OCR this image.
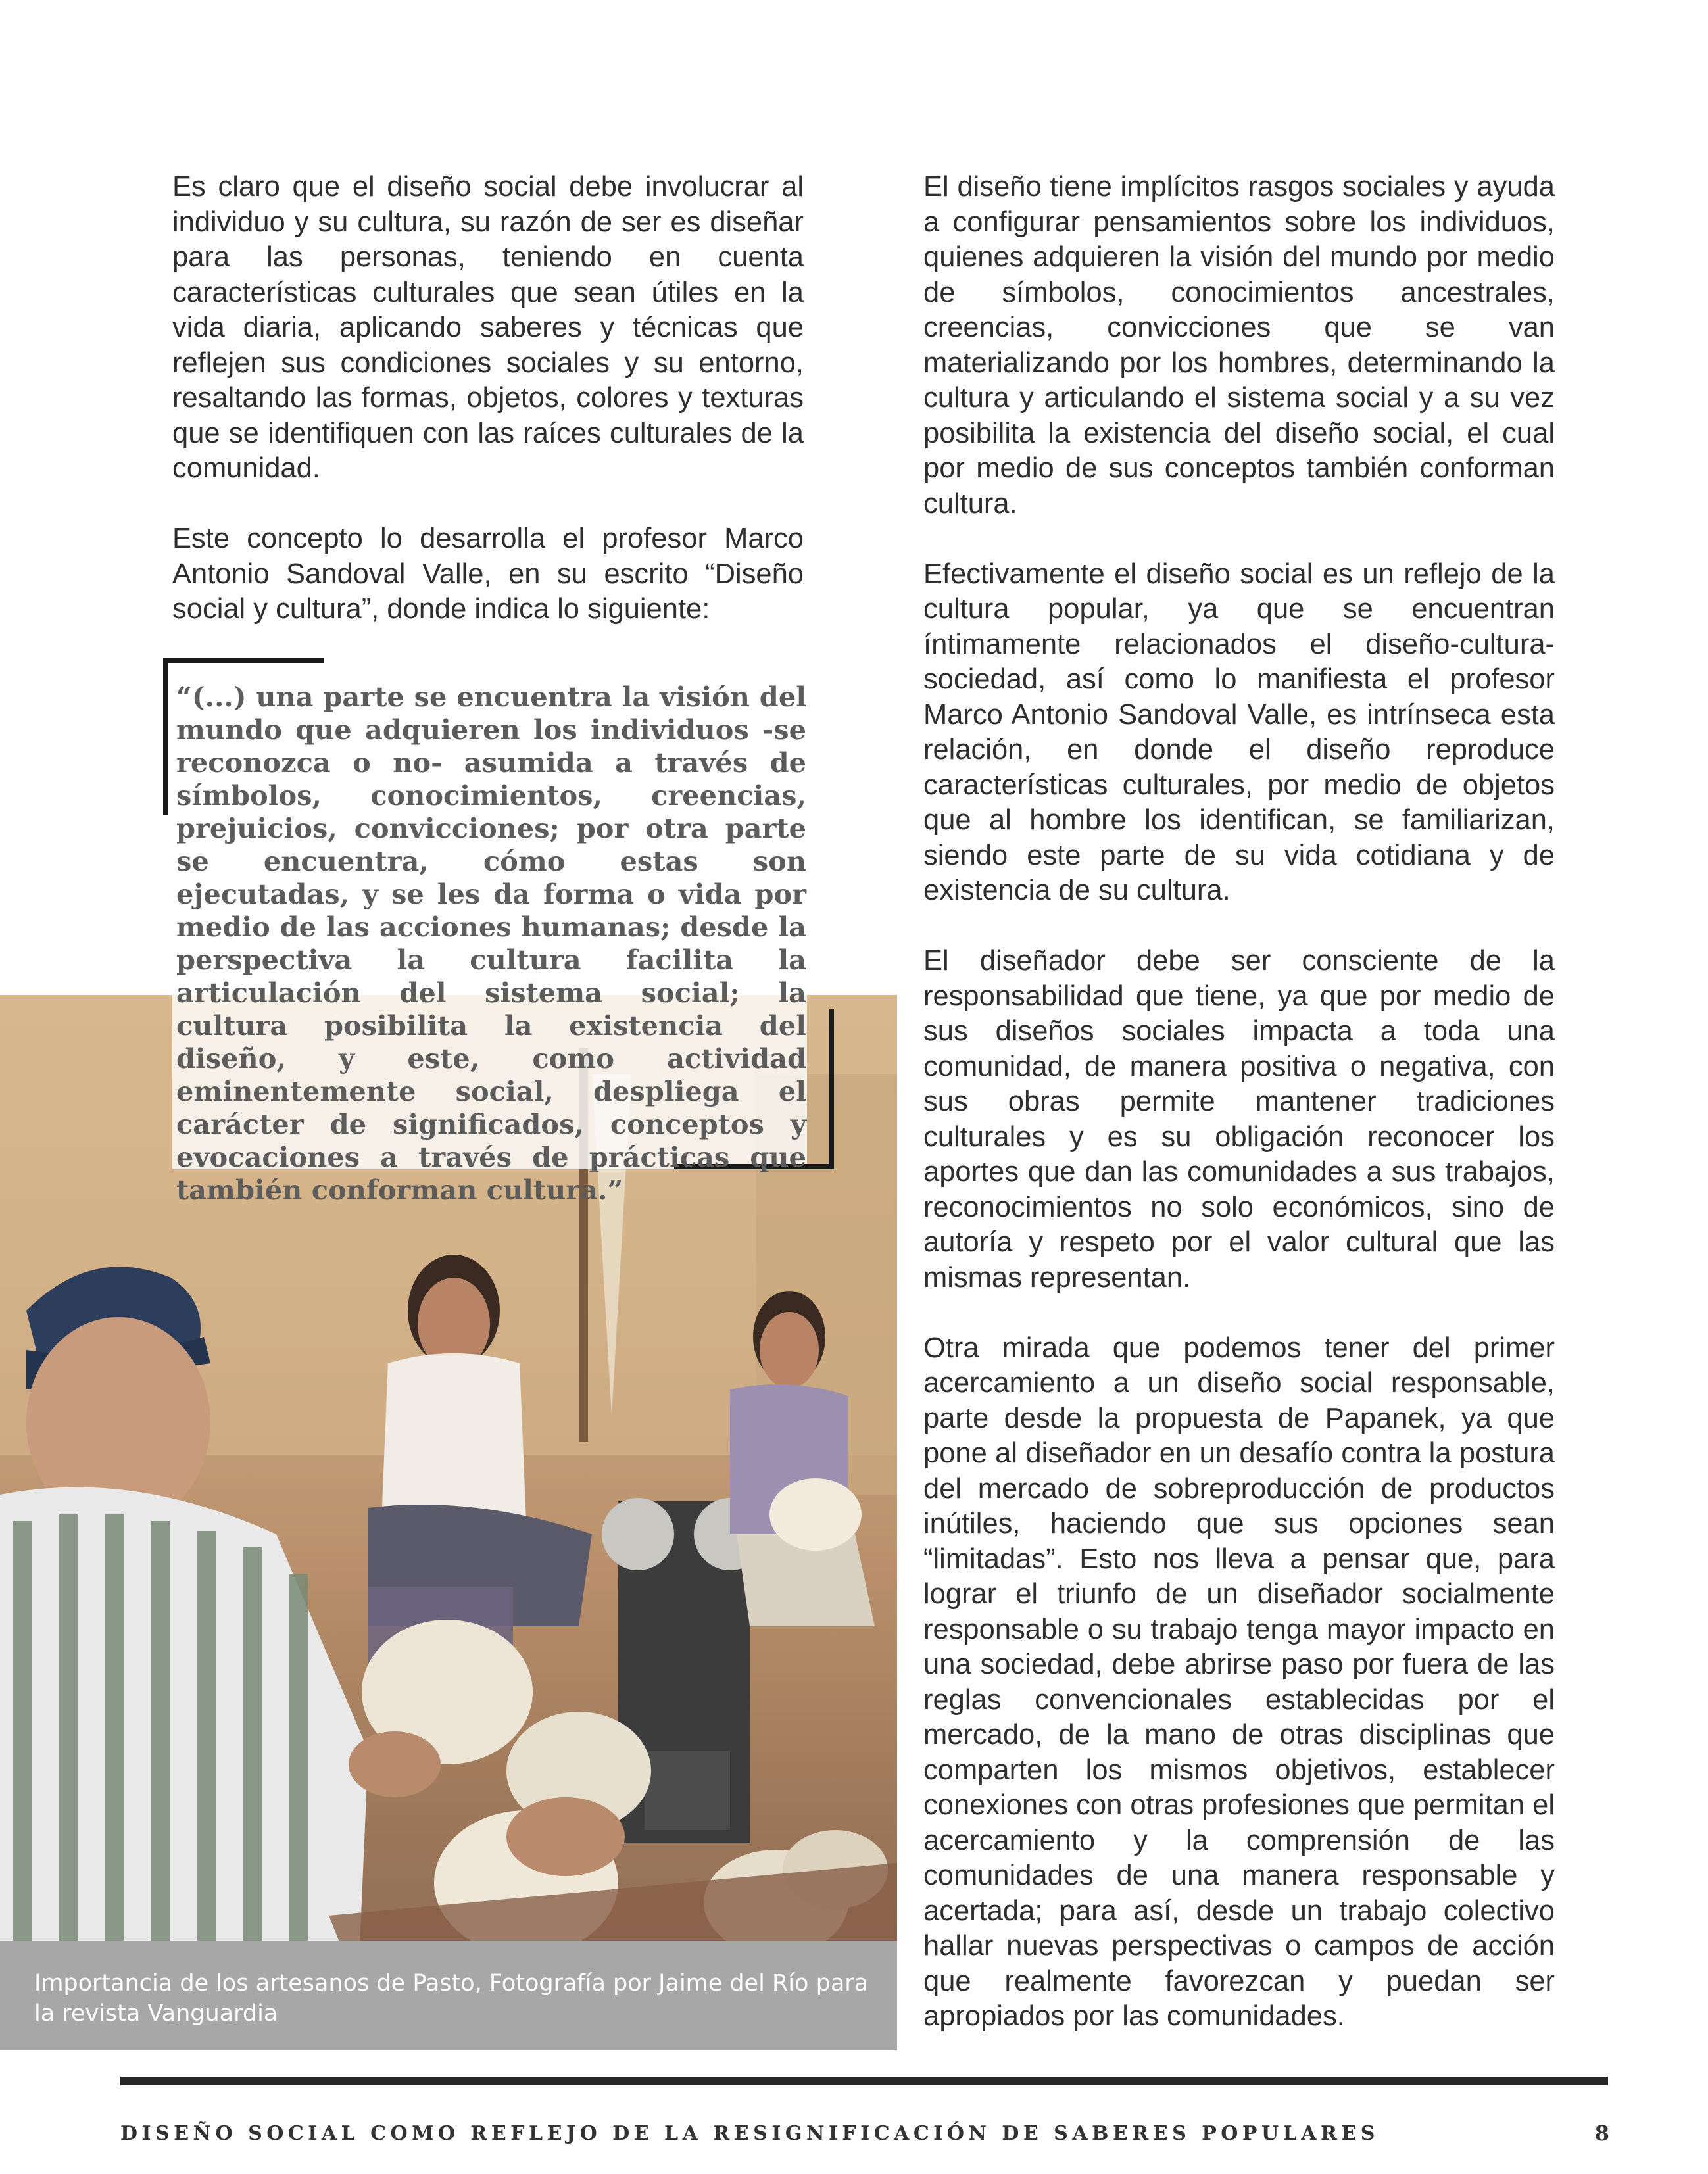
Importancia de los artesanos de Pasto, Fotografía por Jaime del Río para la revista Vanguardia

Es claro que el diseño social debe involucrar al individuo y su cultura, su razón de ser es diseñar para las personas, teniendo en cuenta características culturales que sean útiles en la vida diaria, aplicando saberes y técnicas que reflejen sus condiciones sociales y su entorno, resaltando las formas, objetos, colores y texturas que se identifiquen con las raíces culturales de la comunidad.

Este concepto lo desarrolla el profesor Marco Antonio Sandoval Valle, en su escrito “Diseño social y cultura”, donde indica lo siguiente:

“(...) una parte se encuentra la visión del mundo que adquieren los individuos -se reconozca o no- asumida a través de símbolos, conocimientos, creencias, prejuicios, convicciones; por otra parte se encuentra, cómo estas son ejecutadas, y se les da forma o vida por medio de las acciones humanas; desde la perspectiva la cultura facilita la articulación del sistema social; la cultura posibilita la existencia del diseño, y este, como actividad eminentemente social, despliega el carácter de significados, conceptos y evocaciones a través de prácticas que también conforman cultura.”

El diseño tiene implícitos rasgos sociales y ayuda a configurar pensamientos sobre los individuos, quienes adquieren la visión del mundo por medio de símbolos, conocimientos ancestrales, creencias, convicciones que se van materializando por los hombres, determinando la cultura y articulando el sistema social y a su vez posibilita la existencia del diseño social, el cual por medio de sus conceptos también conforman cultura.

Efectivamente el diseño social es un reflejo de la cultura popular, ya que se encuentran íntimamente relacionados el diseño-cultura-sociedad, así como lo manifiesta el profesor Marco Antonio Sandoval Valle, es intrínseca esta relación, en donde el diseño reproduce características culturales, por medio de objetos que al hombre los identifican, se familiarizan, siendo este parte de su vida cotidiana y de existencia de su cultura.

El diseñador debe ser consciente de la responsabilidad que tiene, ya que por medio de sus diseños sociales impacta a toda una comunidad, de manera positiva o negativa, con sus obras permite mantener tradiciones culturales y es su obligación reconocer los aportes que dan las comunidades a sus trabajos, reconocimientos no solo económicos, sino de autoría y respeto por el valor cultural que las mismas representan.

Otra mirada que podemos tener del primer acercamiento a un diseño social responsable, parte desde la propuesta de Papanek, ya que pone al diseñador en un desafío contra la postura del mercado de sobreproducción de productos inútiles, haciendo que sus opciones sean “limitadas”. Esto nos lleva a pensar que, para lograr el triunfo de un diseñador socialmente responsable o su trabajo tenga mayor impacto en una sociedad, debe abrirse paso por fuera de las reglas convencionales establecidas por el mercado, de la mano de otras disciplinas que comparten los mismos objetivos, establecer conexiones con otras profesiones que permitan el acercamiento y la comprensión de las comunidades de una manera responsable y acertada; para así, desde un trabajo colectivo hallar nuevas perspectivas o campos de acción que realmente favorezcan y puedan ser apropiados por las comunidades.

DISEÑO SOCIAL COMO REFLEJO DE LA RESIGNIFICACIÓN DE SABERES POPULARES	8
